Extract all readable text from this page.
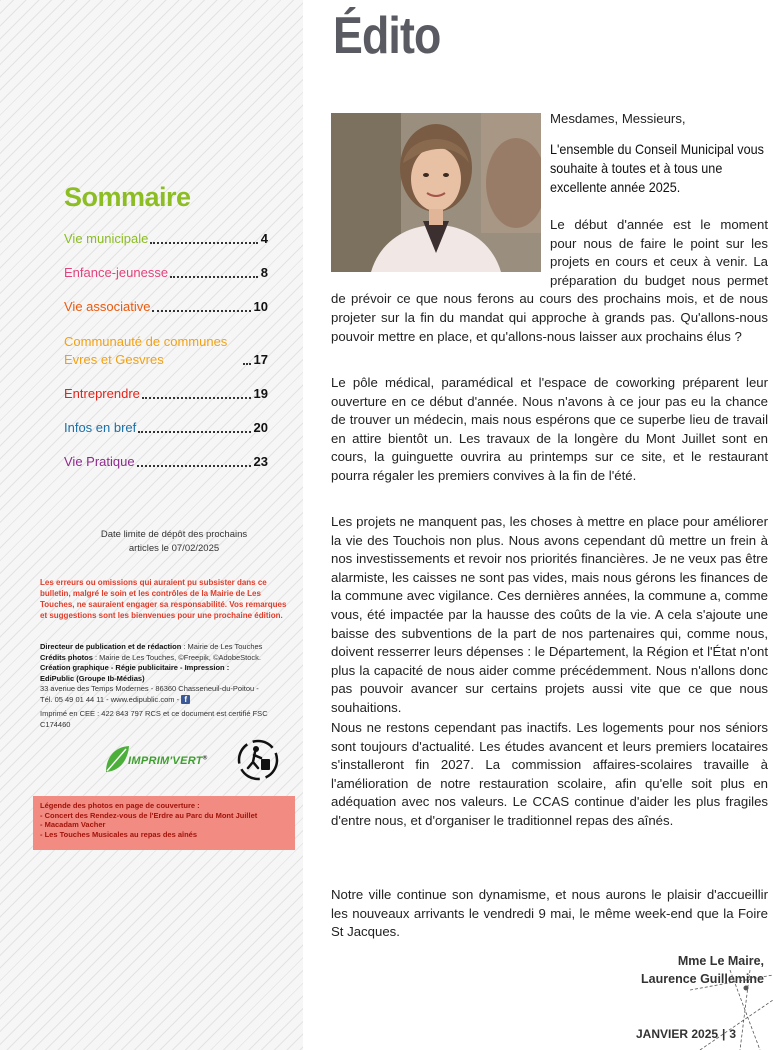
Sommaire
Vie municipale	4
Enfance-jeunesse	8
Vie associative	10
Communauté de communes Evres et Gesvres	17
Entreprendre	19
Infos en bref	20
Vie Pratique	23
Date limite de dépôt des prochains
articles le 07/02/2025
Les erreurs ou omissions qui auraient pu subsister dans ce bulletin, malgré le soin et les contrôles de la Mairie de Les Touches, ne sauraient engager sa responsabilité. Vos remarques et suggestions sont les bienvenues pour une prochaine édition.
Directeur de publication et de rédaction : Mairie de Les Touches
Crédits photos : Mairie de Les Touches, ©Freepik, ©AdobeStock.
Création graphique - Régie publicitaire - Impression :
EdiPublic (Groupe Ib-Médias)
33 avenue des Temps Modernes - 86360 Chasseneuil-du-Poitou -
Tél. 05 49 01 44 11 - www.edipublic.com - f
Imprimé en CEE : 422 843 797 RCS et ce document est certifié FSC C174460
IMPRIM'VERT®
Légende des photos en page de couverture :
- Concert des Rendez-vous de l'Erdre au Parc du Mont Juillet
- Macadam Vacher
- Les Touches Musicales au repas des aînés
Édito

Mesdames, Messieurs,

L'ensemble du Conseil Municipal vous souhaite à toutes et à tous une excellente année 2025.

Le début d'année est le moment pour nous de faire le point sur les projets en cours et ceux à venir. La préparation du budget nous permet de prévoir ce que nous ferons au cours des prochains mois, et de nous projeter sur la fin du mandat qui approche à grands pas. Qu'allons-nous pouvoir mettre en place, et qu'allons-nous laisser aux prochains élus ?

Le pôle médical, paramédical et l'espace de coworking préparent leur ouverture en ce début d'année. Nous n'avons à ce jour pas eu la chance de trouver un médecin, mais nous espérons que ce superbe lieu de travail en attire bientôt un. Les travaux de la longère du Mont Juillet sont en cours, la guinguette ouvrira au printemps sur ce site, et le restaurant pourra régaler les premiers convives à la fin de l'été.

Les projets ne manquent pas, les choses à mettre en place pour améliorer la vie des Touchois non plus. Nous avons cependant dû mettre un frein à nos investissements et revoir nos priorités financières. Je ne veux pas être alarmiste, les caisses ne sont pas vides, mais nous gérons les finances de la commune avec vigilance. Ces dernières années, la commune a, comme vous, été impactée par la hausse des coûts de la vie. A cela s'ajoute une baisse des subventions de la part de nos partenaires qui, comme nous, doivent resserrer leurs dépenses : le Département, la Région et l'État n'ont plus la capacité de nous aider comme précédemment. Nous n'allons donc pas pouvoir avancer sur certains projets aussi vite que ce que nous souhaitions.

Nous ne restons cependant pas inactifs. Les logements pour nos séniors sont toujours d'actualité. Les études avancent et leurs premiers locataires s'installeront fin 2027. La commission affaires-scolaires travaille à l'amélioration de notre restauration scolaire, afin qu'elle soit plus en adéquation avec nos valeurs. Le CCAS continue d'aider les plus fragiles d'entre nous, et d'organiser le traditionnel repas des aînés.

Notre ville continue son dynamisme, et nous aurons le plaisir d'accueillir les nouveaux arrivants le vendredi 9 mai, le même week-end que la Foire St Jacques.

Mme Le Maire,
Laurence Guillemine
JANVIER 2025 | 3
